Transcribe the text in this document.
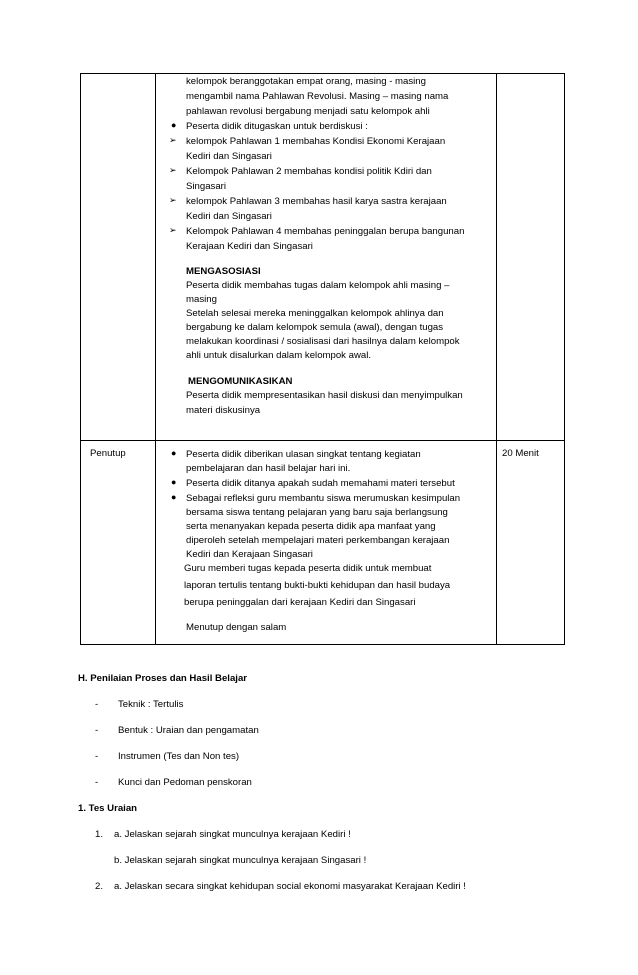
kelompok beranggotakan empat orang, masing - masing
mengambil nama Pahlawan Revolusi. Masing – masing nama
pahlawan revolusi bergabung menjadi satu kelompok ahli
● Peserta didik ditugaskan untuk berdiskusi :
➢ kelompok Pahlawan 1 membahas Kondisi Ekonomi Kerajaan
Kediri dan Singasari
➢ Kelompok Pahlawan 2 membahas kondisi politik Kdiri dan
Singasari
➢ kelompok Pahlawan 3 membahas hasil karya sastra kerajaan
Kediri dan Singasari
➢ Kelompok Pahlawan 4 membahas peninggalan berupa bangunan
Kerajaan Kediri dan Singasari
MENGASOSIASI
Peserta didik membahas tugas dalam kelompok ahli masing –
masing
Setelah selesai mereka meninggalkan kelompok ahlinya dan
bergabung ke dalam kelompok semula (awal), dengan tugas
melakukan koordinasi / sosialisasi dari hasilnya dalam kelompok
ahli untuk disalurkan dalam kelompok awal.
MENGOMUNIKASIKAN
Peserta didik mempresentasikan hasil diskusi dan menyimpulkan
materi diskusinya
Penutup	20 Menit
● Peserta didik diberikan ulasan singkat tentang kegiatan
pembelajaran dan hasil belajar hari ini.
● Peserta didik ditanya apakah sudah memahami materi tersebut
● Sebagai refleksi guru membantu siswa merumuskan kesimpulan
bersama siswa tentang pelajaran yang baru saja berlangsung
serta menanyakan kepada peserta didik apa manfaat yang
diperoleh setelah mempelajari materi perkembangan kerajaan
Kediri dan Kerajaan Singasari
Guru memberi tugas kepada peserta didik untuk membuat
laporan tertulis tentang bukti-bukti kehidupan dan hasil budaya
berupa peninggalan dari kerajaan Kediri dan Singasari
Menutup dengan salam
H. Penilaian Proses dan Hasil Belajar
- Teknik : Tertulis
- Bentuk : Uraian dan pengamatan
- Instrumen (Tes dan Non tes)
- Kunci dan Pedoman penskoran
1. Tes Uraian
1. a. Jelaskan sejarah singkat munculnya kerajaan Kediri !
b. Jelaskan sejarah singkat munculnya kerajaan Singasari !
2. a. Jelaskan secara singkat kehidupan social ekonomi masyarakat Kerajaan Kediri !
